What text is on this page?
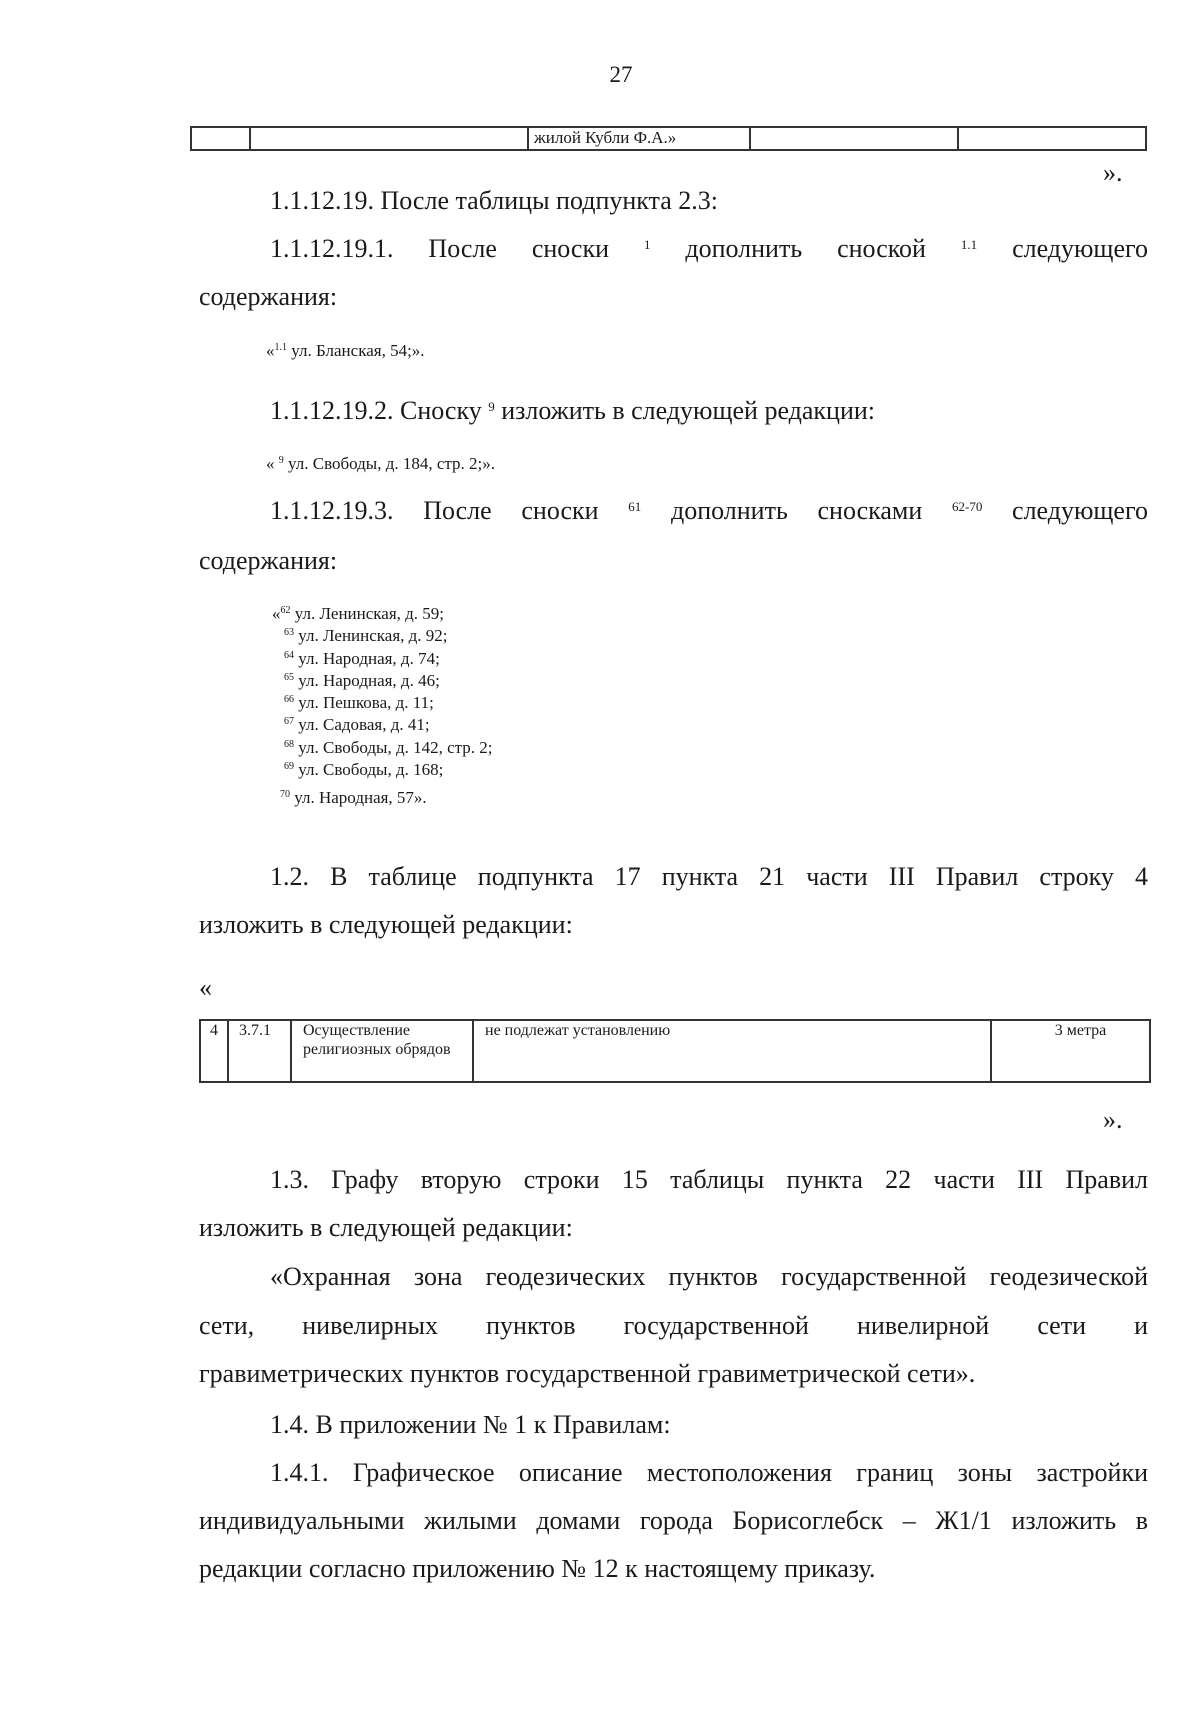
27
		жилой Кубли Ф.А.»		
».
1.1.12.19. После таблицы подпункта 2.3:
1.1.12.19.1. После сноски	$^1$ дополнить сноской	$^{1.1}$ следующего
содержания:
«$^{1.1}$ ул. Бланская, 54;».
1.1.12.19.2. Сноску $^9$ изложить в следующей редакции:
« $^9$ ул. Свободы, д. 184, стр. 2;».
1.1.12.19.3. После сноски $^{61}$ дополнить сносками $^{62-70}$ следующего
содержания:
«$^{62}$ ул. Ленинская, д. 59;
$^{63}$ ул. Ленинская, д. 92;
$^{64}$ ул. Народная, д. 74;
$^{65}$ ул. Народная, д. 46;
$^{66}$ ул. Пешкова, д. 11;
$^{67}$ ул. Садовая, д. 41;
$^{68}$ ул. Свободы, д. 142, стр. 2;
$^{69}$ ул. Свободы, д. 168;
$^{70}$ ул. Народная, 57».
1.2. В таблице подпункта 17 пункта 21 части III Правил строку 4
изложить в следующей редакции:
«
4	3.7.1	Осуществление религиозных обрядов	не подлежат установлению	3 метра
».
1.3. Графу вторую строки 15 таблицы пункта 22 части III Правил
изложить в следующей редакции:
«Охранная зона геодезических пунктов государственной геодезической
сети, нивелирных пунктов государственной нивелирной сети и
гравиметрических пунктов государственной гравиметрической сети».
1.4. В приложении № 1 к Правилам:
1.4.1. Графическое описание местоположения границ зоны застройки
индивидуальными жилыми домами города Борисоглебск – Ж1/1 изложить в
редакции согласно приложению № 12 к настоящему приказу.
